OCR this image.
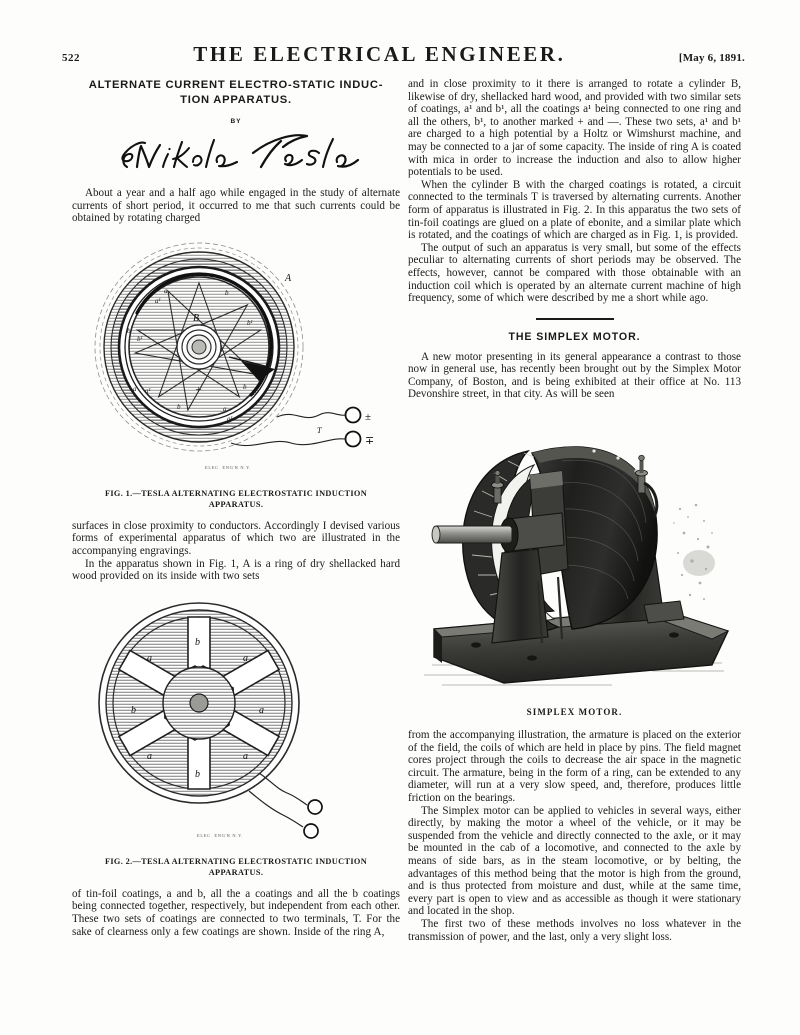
522	THE ELECTRICAL ENGINEER.	[May 6, 1891.
ALTERNATE CURRENT ELECTRO-STATIC INDUC-
TION APPARATUS.
BY

About a year and a half ago while engaged in the study of alternate currents of short period, it occurred to me that such currents could be obtained by rotating charged

+
A
B
a
a¹
b
b¹
b
b¹
a a¹	b
b¹
b	a
a¹	±
∓
T
ELEC. ENG'R N.Y.
FIG. 1.—TESLA ALTERNATING ELECTROSTATIC INDUCTION
APPARATUS.

surfaces in close proximity to conductors. Accordingly I devised various forms of experimental apparatus of which two are illustrated in the accompanying engravings.

In the apparatus shown in Fig. 1, A is a ring of dry shellacked hard wood provided on its inside with two sets

b
a	a
b	a
a	a
b
ELEC. ENG'R N.Y.
FIG. 2.—TESLA ALTERNATING ELECTROSTATIC INDUCTION
APPARATUS.

of tin-foil coatings, a and b, all the a coatings and all the b coatings being connected together, respectively, but independent from each other. These two sets of coatings are connected to two terminals, T. For the sake of clearness only a few coatings are shown. Inside of the ring A,

and in close proximity to it there is arranged to rotate a cylinder B, likewise of dry, shellacked hard wood, and provided with two similar sets of coatings, a¹ and b¹, all the coatings a¹ being connected to one ring and all the others, b¹, to another marked + and —. These two sets, a¹ and b¹ are charged to a high potential by a Holtz or Wimshurst machine, and may be connected to a jar of some capacity. The inside of ring A is coated with mica in order to increase the induction and also to allow higher potentials to be used.

When the cylinder B with the charged coatings is rotated, a circuit connected to the terminals T is traversed by alternating currents. Another form of apparatus is illustrated in Fig. 2. In this apparatus the two sets of tin-foil coatings are glued on a plate of ebonite, and a similar plate which is rotated, and the coatings of which are charged as in Fig. 1, is provided.

The output of such an apparatus is very small, but some of the effects peculiar to alternating currents of short periods may be observed. The effects, however, cannot be compared with those obtainable with an induction coil which is operated by an alternate current machine of high frequency, some of which were described by me a short while ago.

THE SIMPLEX MOTOR.

A new motor presenting in its general appearance a contrast to those now in general use, has recently been brought out by the Simplex Motor Company, of Boston, and is being exhibited at their office at No. 113 Devonshire street, in that city. As will be seen

SIMPLEX MOTOR.

from the accompanying illustration, the armature is placed on the exterior of the field, the coils of which are held in place by pins. The field magnet cores project through the coils to decrease the air space in the magnetic circuit. The armature, being in the form of a ring, can be extended to any diameter, will run at a very slow speed, and, therefore, produces little friction on the bearings.

The Simplex motor can be applied to vehicles in several ways, either directly, by making the motor a wheel of the vehicle, or it may be suspended from the vehicle and directly connected to the axle, or it may be mounted in the cab of a locomotive, and connected to the axle by means of side bars, as in the steam locomotive, or by belting, the advantages of this method being that the motor is high from the ground, and is thus protected from moisture and dust, while at the same time, every part is open to view and as accessible as though it were stationary and located in the shop.

The first two of these methods involves no loss whatever in the transmission of power, and the last, only a very slight loss.
